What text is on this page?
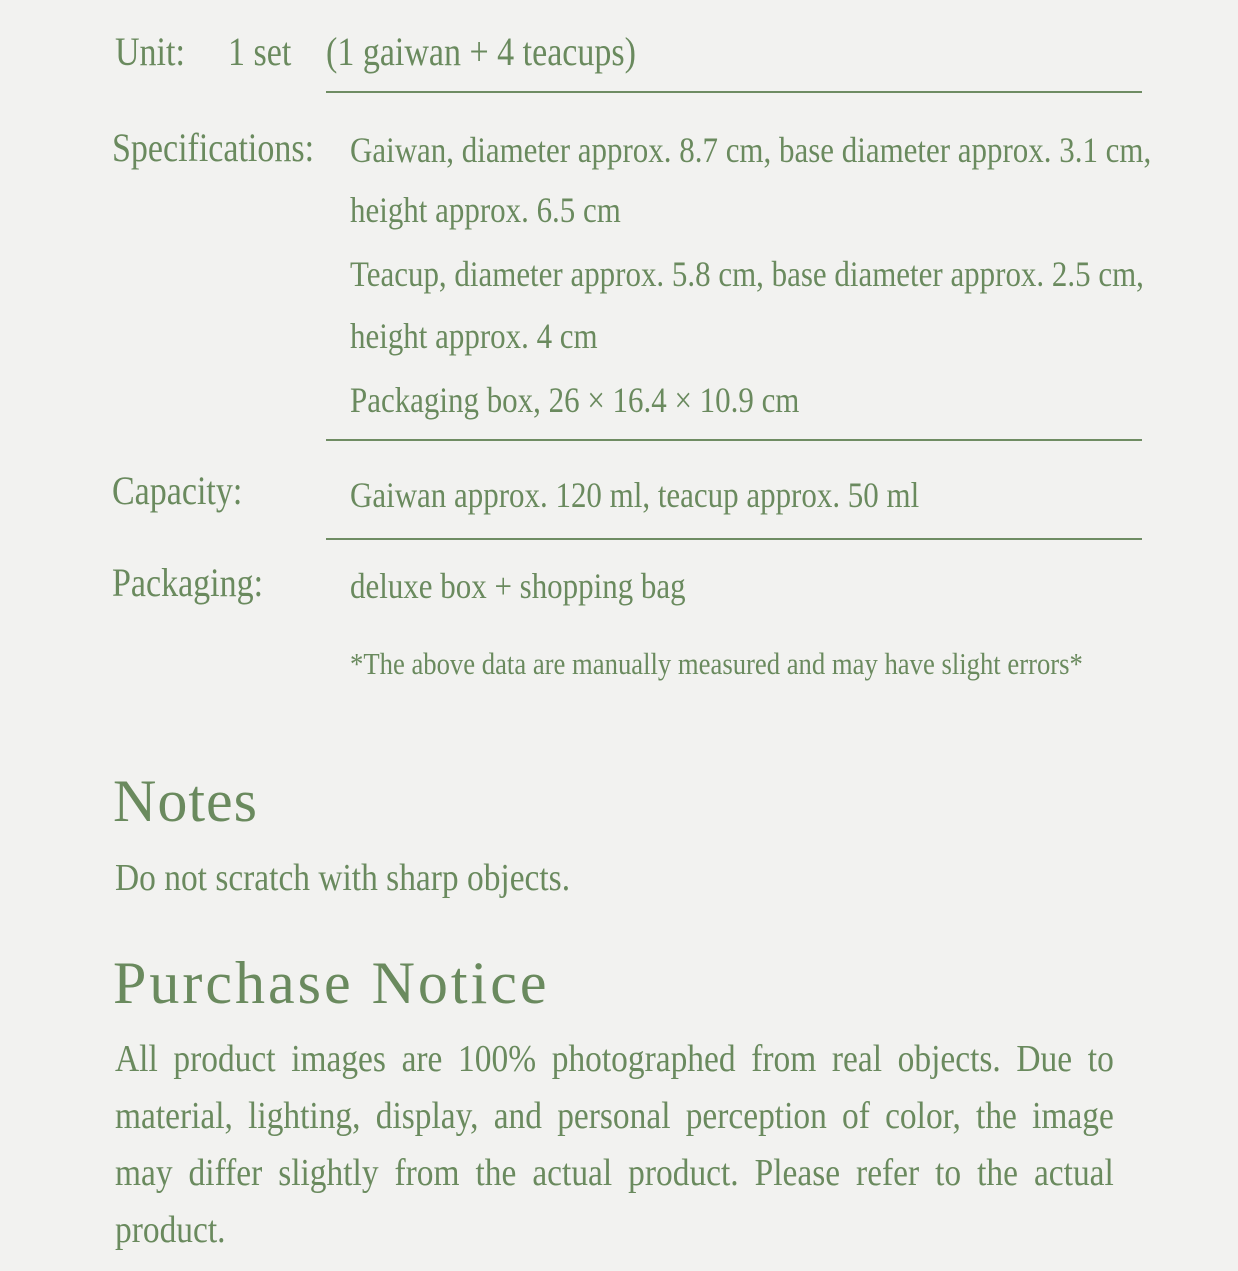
Unit: 1 set (1 gaiwan + 4 teacups)
Specifications: Gaiwan, diameter approx. 8.7 cm, base diameter approx. 3.1 cm,
height approx. 6.5 cm
Teacup, diameter approx. 5.8 cm, base diameter approx. 2.5 cm,
height approx. 4 cm
Packaging box, 26 × 16.4 × 10.9 cm
Capacity:	Gaiwan approx. 120 ml, teacup approx. 50 ml
Packaging: deluxe box + shopping bag
*The above data are manually measured and may have slight errors*
Notes
Do not scratch with sharp objects.
Purchase Notice
All product images are 100% photographed from real objects. Due to material, lighting, display, and personal perception of color, the image may differ slightly from the actual product. Please refer to the actual product.
